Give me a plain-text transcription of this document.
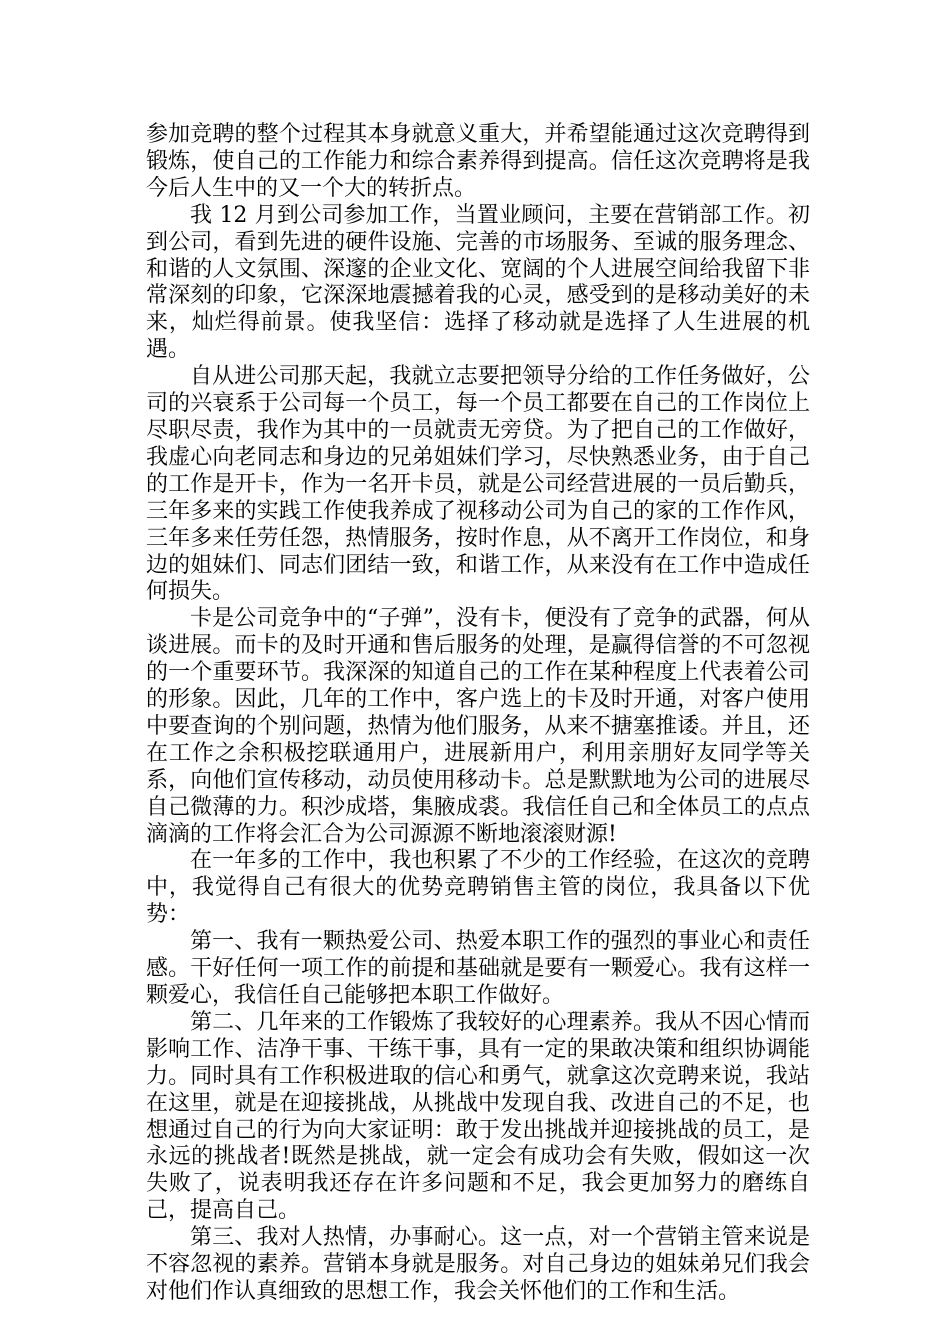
参加竞聘的整个过程其本身就意义重大，并希望能通过这次竞聘得到锻炼，使自己的工作能力和综合素养得到提高。信任这次竞聘将是我今后人生中的又一个大的转折点。

我 12 月到公司参加工作，当置业顾问，主要在营销部工作。初到公司，看到先进的硬件设施、完善的市场服务、至诚的服务理念、和谐的人文氛围、深邃的企业文化、宽阔的个人进展空间给我留下非常深刻的印象，它深深地震撼着我的心灵，感受到的是移动美好的未来，灿烂得前景。使我坚信：选择了移动就是选择了人生进展的机遇。

自从进公司那天起，我就立志要把领导分给的工作任务做好，公司的兴衰系于公司每一个员工，每一个员工都要在自己的工作岗位上尽职尽责，我作为其中的一员就责无旁贷。为了把自己的工作做好，我虚心向老同志和身边的兄弟姐妹们学习，尽快熟悉业务，由于自己的工作是开卡，作为一名开卡员，就是公司经营进展的一员后勤兵，三年多来的实践工作使我养成了视移动公司为自己的家的工作作风，三年多来任劳任怨，热情服务，按时作息，从不离开工作岗位，和身边的姐妹们、同志们团结一致，和谐工作，从来没有在工作中造成任何损失。

卡是公司竞争中的“子弹”，没有卡，便没有了竞争的武器，何从谈进展。而卡的及时开通和售后服务的处理，是赢得信誉的不可忽视的一个重要环节。我深深的知道自己的工作在某种程度上代表着公司的形象。因此，几年的工作中，客户选上的卡及时开通，对客户使用中要查询的个别问题，热情为他们服务，从来不搪塞推诿。并且，还在工作之余积极挖联通用户，进展新用户，利用亲朋好友同学等关系，向他们宣传移动，动员使用移动卡。总是默默地为公司的进展尽自己微薄的力。积沙成塔，集腋成裘。我信任自己和全体员工的点点滴滴的工作将会汇合为公司源源不断地滚滚财源!

在一年多的工作中，我也积累了不少的工作经验，在这次的竞聘中，我觉得自己有很大的优势竞聘销售主管的岗位，我具备以下优势：

第一、我有一颗热爱公司、热爱本职工作的强烈的事业心和责任感。干好任何一项工作的前提和基础就是要有一颗爱心。我有这样一颗爱心，我信任自己能够把本职工作做好。

第二、几年来的工作锻炼了我较好的心理素养。我从不因心情而影响工作、洁净干事、干练干事，具有一定的果敢决策和组织协调能力。同时具有工作积极进取的信心和勇气，就拿这次竞聘来说，我站在这里，就是在迎接挑战，从挑战中发现自我、改进自己的不足，也想通过自己的行为向大家证明：敢于发出挑战并迎接挑战的员工，是永远的挑战者!既然是挑战，就一定会有成功会有失败，假如这一次失败了，说表明我还存在许多问题和不足，我会更加努力的磨练自己，提高自己。

第三、我对人热情，办事耐心。这一点，对一个营销主管来说是不容忽视的素养。营销本身就是服务。对自己身边的姐妹弟兄们我会对他们作认真细致的思想工作，我会关怀他们的工作和生活。
